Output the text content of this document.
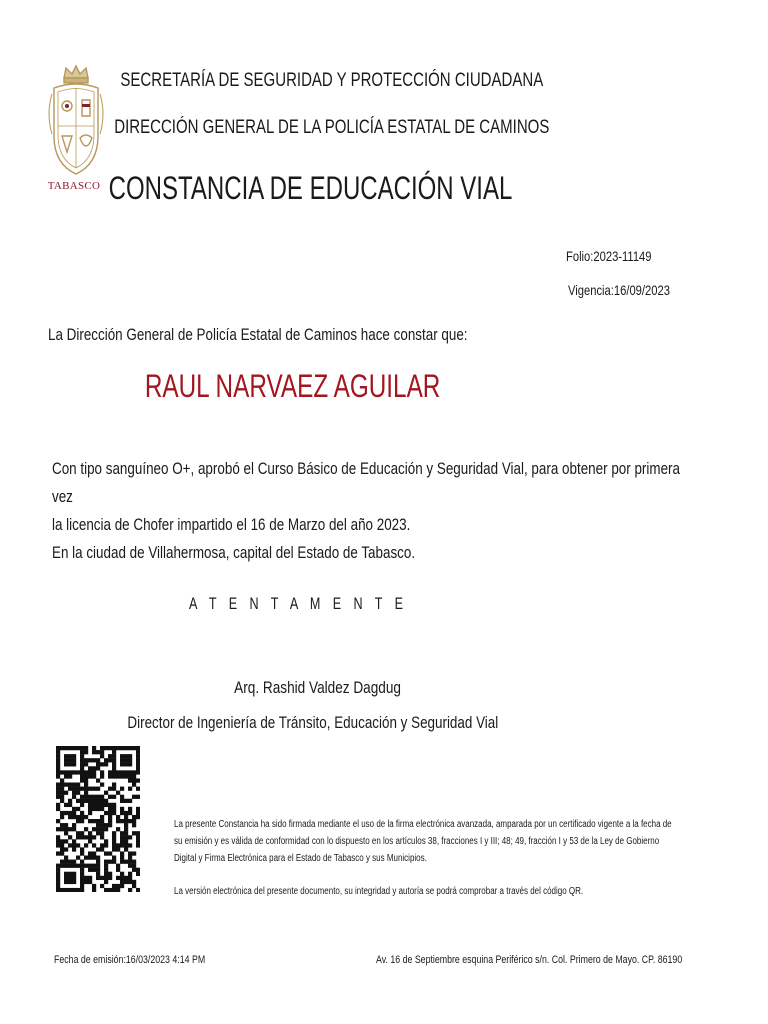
TABASCO
SECRETARÍA DE SEGURIDAD Y PROTECCIÓN CIUDADANA
DIRECCIÓN GENERAL DE LA POLICÍA ESTATAL DE CAMINOS
CONSTANCIA DE EDUCACIÓN VIAL
Folio:2023-11149
Vigencia:16/09/2023
La Dirección General de Policía Estatal de Caminos hace constar que:
RAUL NARVAEZ AGUILAR
Con tipo sanguíneo O+, aprobó el Curso Básico de Educación y Seguridad Vial, para obtener por primera vez
la licencia de Chofer impartido el 16 de Marzo del año 2023.
En la ciudad de Villahermosa, capital del Estado de Tabasco.
A T E N T A M E N T E
Arq. Rashid Valdez Dagdug
Director de Ingeniería de Tránsito, Educación y Seguridad Vial
La presente Constancia ha sido firmada mediante el uso de la firma electrónica avanzada, amparada por un certificado vigente a la fecha de
su emisión y es válida de conformidad con lo dispuesto en los artículos 38, fracciones I y III; 48; 49, fracción I y 53 de la Ley de Gobierno
Digital y Firma Electrónica para el Estado de Tabasco y sus Municipios.
La versión electrónica del presente documento, su integridad y autoría se podrá comprobar a través del código QR.
Fecha de emisión:16/03/2023 4:14 PM	Av. 16 de Septiembre esquina Periférico s/n. Col. Primero de Mayo. CP. 86190
